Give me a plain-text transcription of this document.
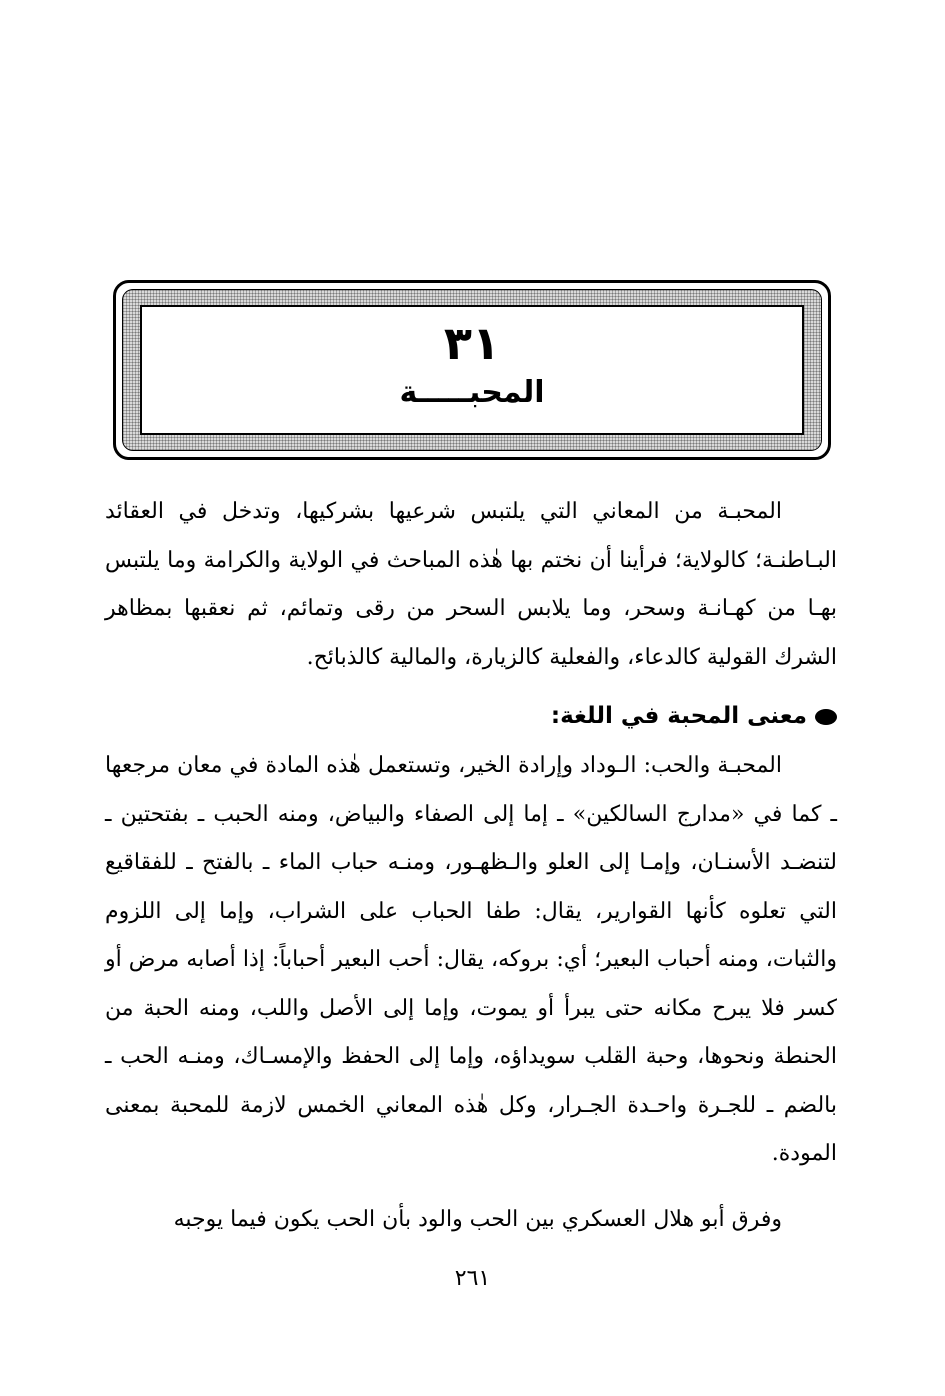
٣١
المحبـــــة

المحبـة من المعاني التي يلتبس شرعيها بشركيها، وتدخل في العقائد البـاطنـة؛ كالولاية؛ فرأينا أن نختم بها هٰذه المباحث في الولاية والكرامة وما يلتبس بهـا من كهـانـة وسحر، وما يلابس السحر من رقى وتمائم، ثم نعقبها بمظاهر الشرك القولية كالدعاء، والفعلية كالزيارة، والمالية كالذبائح.

معنى المحبة في اللغة:

المحبـة والحب: الـوداد وإرادة الخير، وتستعمل هٰذه المادة في معان مرجعها ـ كما في «مدارج السالكين» ـ إما إلى الصفاء والبياض، ومنه الحبب ـ بفتحتين ـ لتنضـد الأسنـان، وإمـا إلى العلو والـظهـور، ومنـه حباب الماء ـ بالفتح ـ للفقاقيع التي تعلوه كأنها القوارير، يقال: طفا الحباب على الشراب، وإما إلى اللزوم والثبات، ومنه أحباب البعير؛ أي: بروكه، يقال: أحب البعير أحباباً: إذا أصابه مرض أو كسر فلا يبرح مكانه حتى يبرأ أو يموت، وإما إلى الأصل واللب، ومنه الحبة من الحنطة ونحوها، وحبة القلب سويداؤه، وإما إلى الحفظ والإمسـاك، ومنـه الحب ـ بالضم ـ للجـرة واحـدة الجـرار، وكل هٰذه المعاني الخمس لازمة للمحبة بمعنى المودة.

وفرق أبو هلال العسكري بين الحب والود بأن الحب يكون فيما يوجبه

٢٦١
